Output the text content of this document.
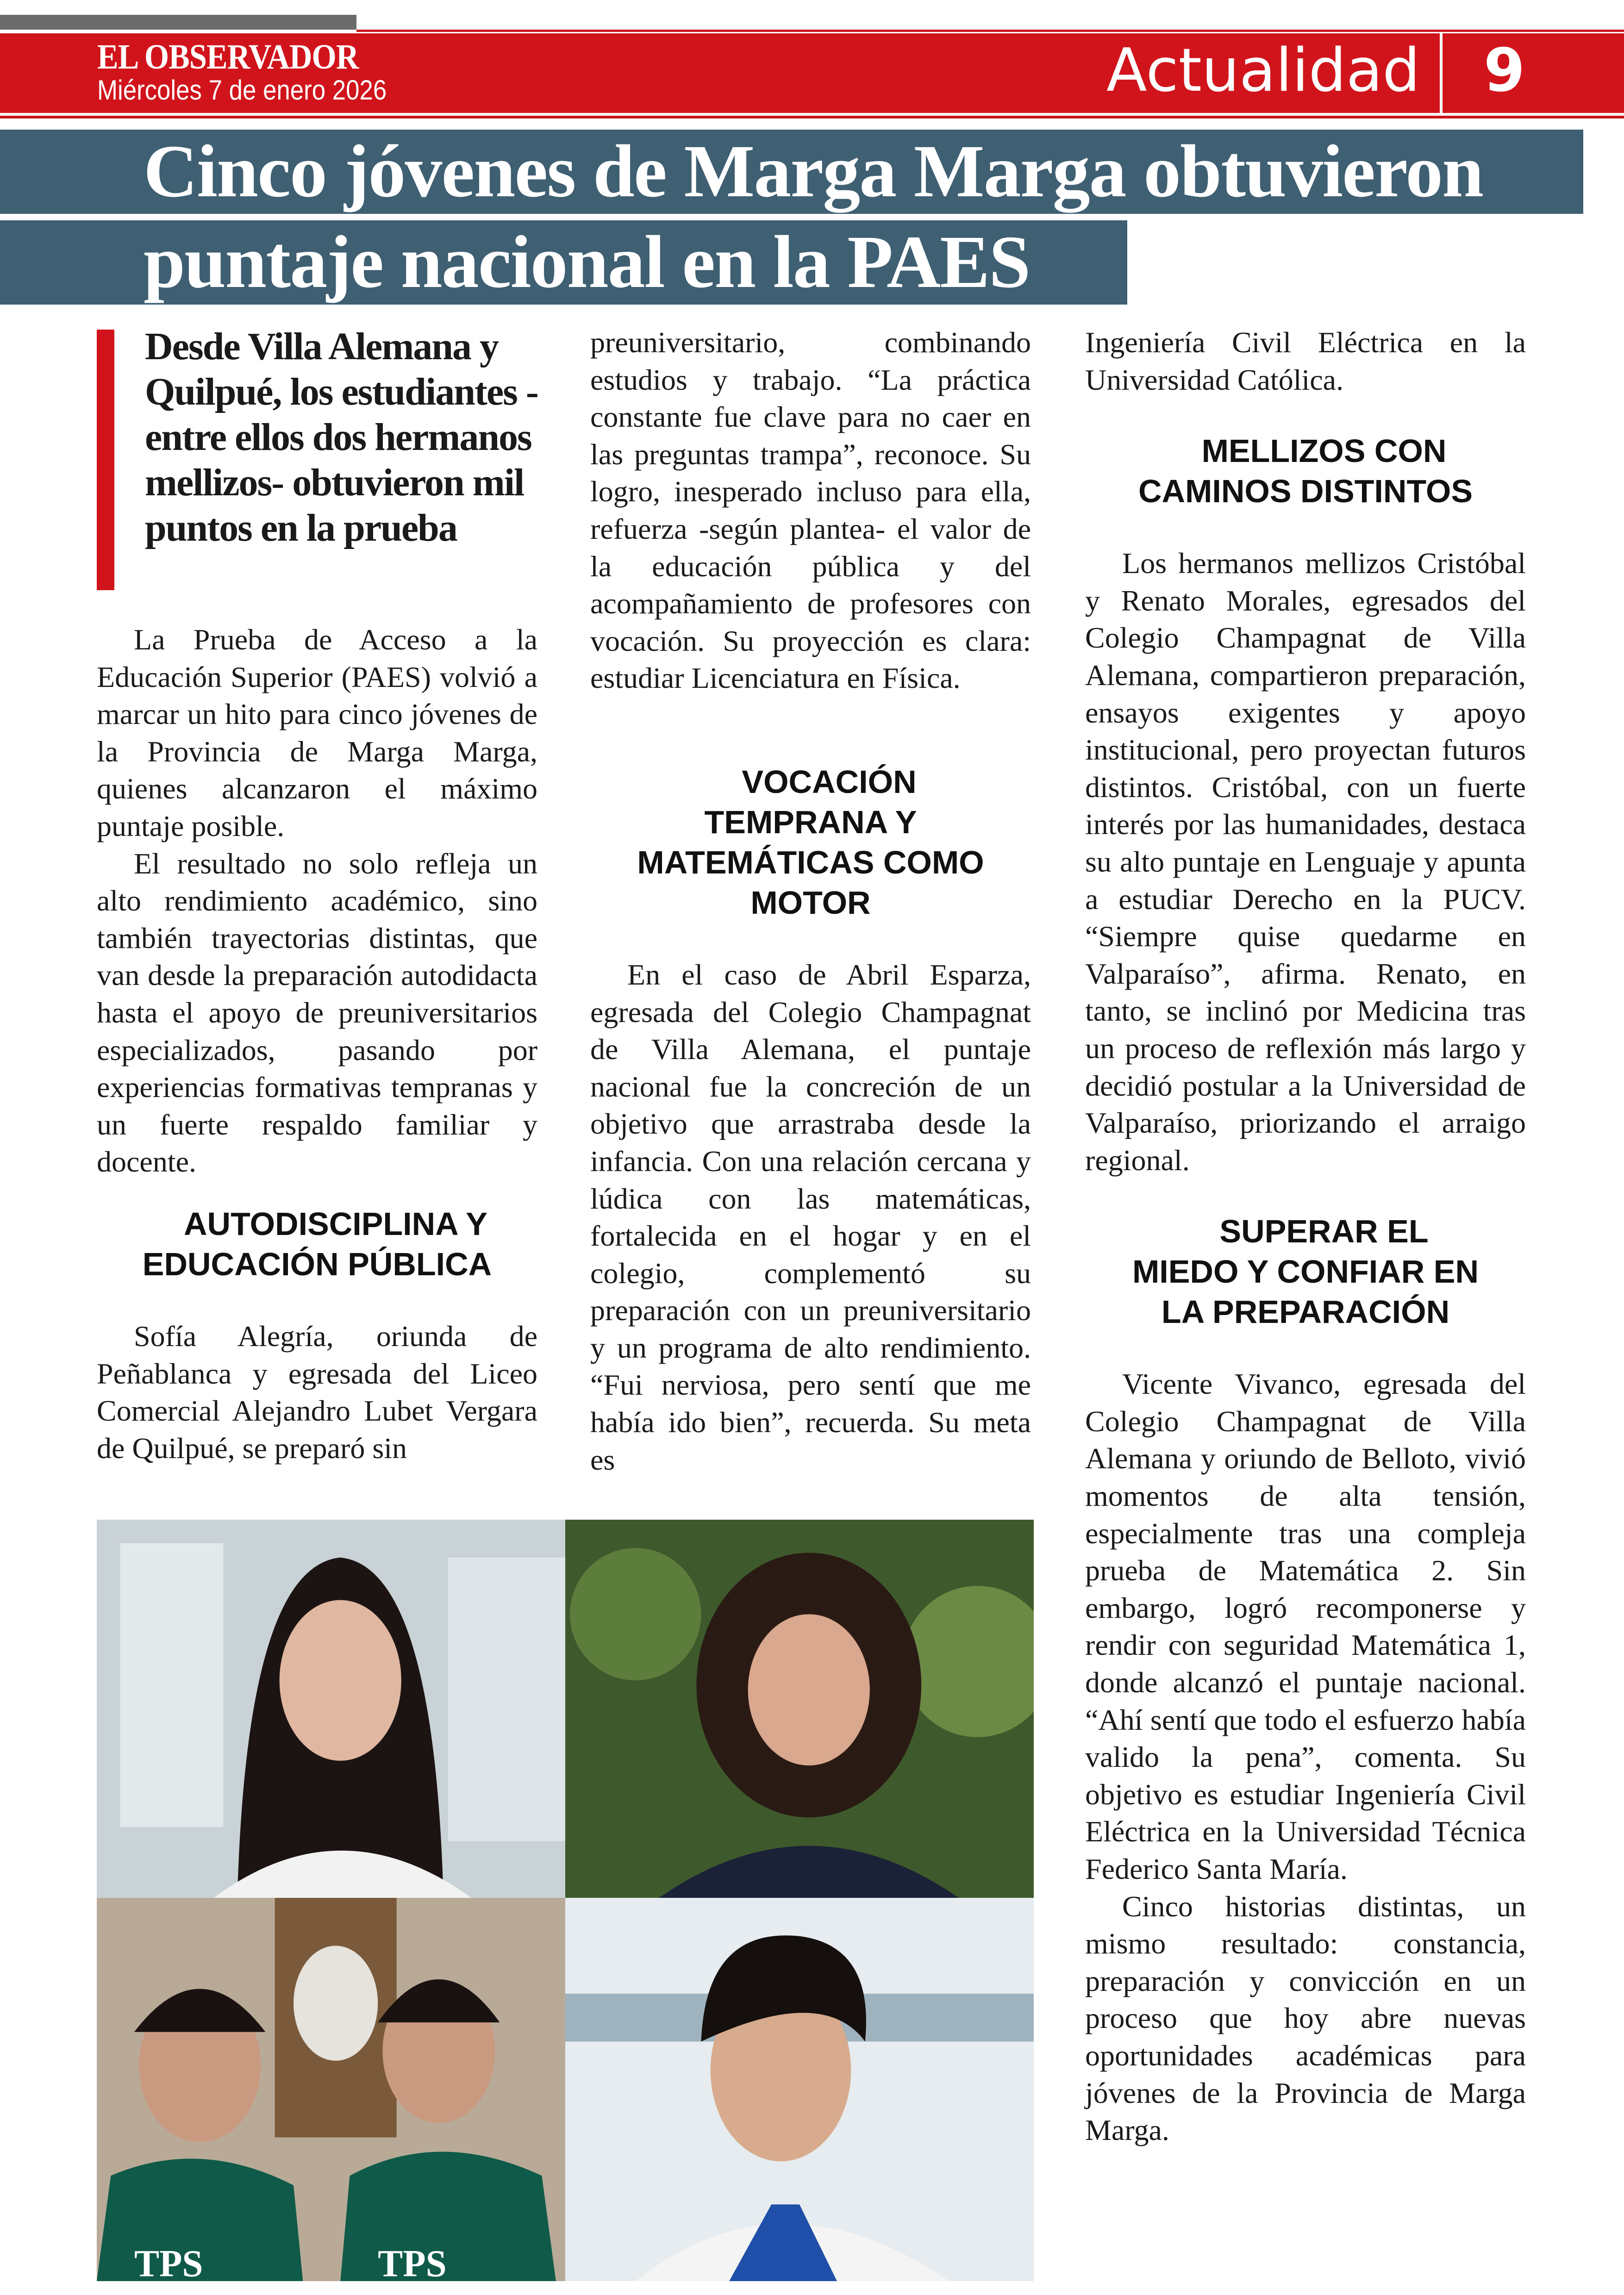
EL OBSERVADOR
Miércoles 7 de enero 2026	Actualidad 9
Cinco jóvenes de Marga Marga obtuvieron
puntaje nacional en la PAES
Desde Villa Alemana y Quilpué, los estudiantes -entre ellos dos hermanos mellizos- obtuvieron mil puntos en la prueba

La Prueba de Acceso a la Educación Superior (PAES) volvió a marcar un hito para cinco jóvenes de la Provincia de Marga Marga, quienes alcanzaron el máximo puntaje posible.

El resultado no solo refleja un alto rendimiento académico, sino también trayectorias distintas, que van desde la preparación autodidacta hasta el apoyo de preuniversitarios especializados, pasando por experiencias formativas tempranas y un fuerte respaldo familiar y docente.

AUTODISCIPLINA Y EDUCACIÓN PÚBLICA

Sofía Alegría, oriunda de Peñablanca y egresada del Liceo Comercial Alejandro Lubet Vergara de Quilpué, se preparó sin

preuniversitario, combinando estudios y trabajo. “La práctica constante fue clave para no caer en las preguntas trampa”, reconoce. Su logro, inesperado incluso para ella, refuerza -según plantea- el valor de la educación pública y del acompañamiento de profesores con vocación. Su proyección es clara: estudiar Licenciatura en Física.

VOCACIÓN TEMPRANA Y MATEMÁTICAS COMO MOTOR

En el caso de Abril Esparza, egresada del Colegio Champagnat de Villa Alemana, el puntaje nacional fue la concreción de un objetivo que arrastraba desde la infancia. Con una relación cercana y lúdica con las matemáticas, fortalecida en el hogar y en el colegio, complementó su preparación con un preuniversitario y un programa de alto rendimiento. “Fui nerviosa, pero sentí que me había ido bien”, recuerda. Su meta es

Ingeniería Civil Eléctrica en la Universidad Católica.

MELLIZOS CON CAMINOS DISTINTOS

Los hermanos mellizos Cristóbal y Renato Morales, egresados del Colegio Champagnat de Villa Alemana, compartieron preparación, ensayos exigentes y apoyo institucional, pero proyectan futuros distintos. Cristóbal, con un fuerte interés por las humanidades, destaca su alto puntaje en Lenguaje y apunta a estudiar Derecho en la PUCV. “Siempre quise quedarme en Valparaíso”, afirma. Renato, en tanto, se inclinó por Medicina tras un proceso de reflexión más largo y decidió postular a la Universidad de Valparaíso, priorizando el arraigo regional.

SUPERAR EL MIEDO Y CONFIAR EN LA PREPARACIÓN

Vicente Vivanco, egresada del Colegio Champagnat de Villa Alemana y oriundo de Belloto, vivió momentos de alta tensión, especialmente tras una compleja prueba de Matemática 2. Sin embargo, logró recomponerse y rendir con seguridad Matemática 1, donde alcanzó el puntaje nacional. “Ahí sentí que todo el esfuerzo había valido la pena”, comenta. Su objetivo es estudiar Ingeniería Civil Eléctrica en la Universidad Técnica Federico Santa María.

Cinco historias distintas, un mismo resultado: constancia, preparación y convicción en un proceso que hoy abre nuevas oportunidades académicas para jóvenes de la Provincia de Marga Marga.

TPS	TPS
